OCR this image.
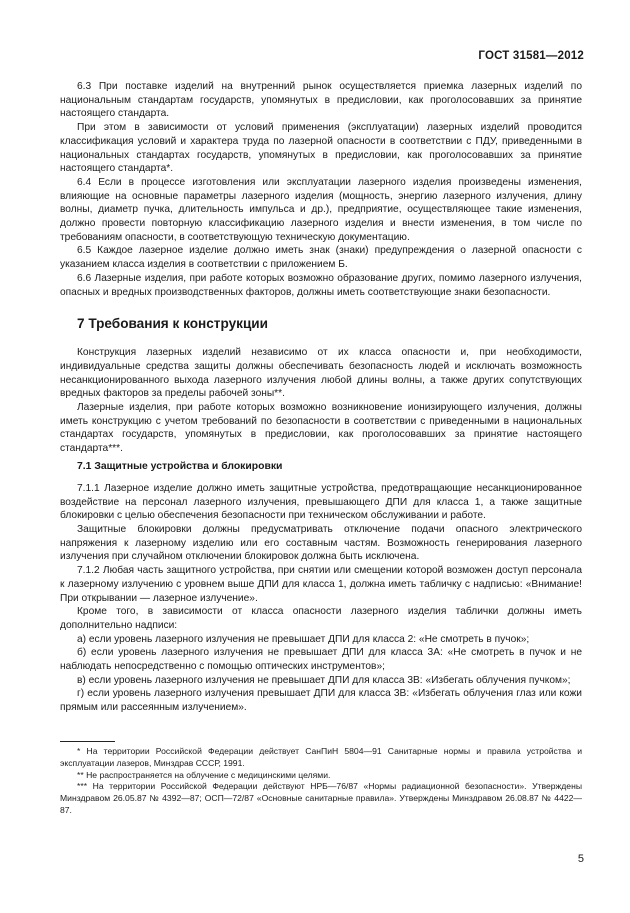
ГОСТ 31581—2012

6.3 При поставке изделий на внутренний рынок осуществляется приемка лазерных изделий по национальным стандартам государств, упомянутых в предисловии, как проголосовавших за принятие настоящего стандарта.

При этом в зависимости от условий применения (эксплуатации) лазерных изделий проводится классификация условий и характера труда по лазерной опасности в соответствии с ПДУ, приведенными в национальных стандартах государств, упомянутых в предисловии, как проголосовавших за принятие настоящего стандарта*.

6.4 Если в процессе изготовления или эксплуатации лазерного изделия произведены изменения, влияющие на основные параметры лазерного изделия (мощность, энергию лазерного излучения, длину волны, диаметр пучка, длительность импульса и др.), предприятие, осуществляющее такие изменения, должно провести повторную классификацию лазерного изделия и внести изменения, в том числе по требованиям опасности, в соответствующую техническую документацию.

6.5 Каждое лазерное изделие должно иметь знак (знаки) предупреждения о лазерной опасности с указанием класса изделия в соответствии с приложением Б.

6.6 Лазерные изделия, при работе которых возможно образование других, помимо лазерного излучения, опасных и вредных производственных факторов, должны иметь соответствующие знаки безопасности.

7 Требования к конструкции

Конструкция лазерных изделий независимо от их класса опасности и, при необходимости, индивидуальные средства защиты должны обеспечивать безопасность людей и исключать возможность несанкционированного выхода лазерного излучения любой длины волны, а также других сопутствующих вредных факторов за пределы рабочей зоны**.

Лазерные изделия, при работе которых возможно возникновение ионизирующего излучения, должны иметь конструкцию с учетом требований по безопасности в соответствии с приведенными в национальных стандартах государств, упомянутых в предисловии, как проголосовавших за принятие настоящего стандарта***.

7.1 Защитные устройства и блокировки

7.1.1 Лазерное изделие должно иметь защитные устройства, предотвращающие несанкционированное воздействие на персонал лазерного излучения, превышающего ДПИ для класса 1, а также защитные блокировки с целью обеспечения безопасности при техническом обслуживании и работе.

Защитные блокировки должны предусматривать отключение подачи опасного электрического напряжения к лазерному изделию или его составным частям. Возможность генерирования лазерного излучения при случайном отключении блокировок должна быть исключена.

7.1.2 Любая часть защитного устройства, при снятии или смещении которой возможен доступ персонала к лазерному излучению с уровнем выше ДПИ для класса 1, должна иметь табличку с надписью: «Внимание! При открывании — лазерное излучение».

Кроме того, в зависимости от класса опасности лазерного изделия таблички должны иметь дополнительно надписи:

а) если уровень лазерного излучения не превышает ДПИ для класса 2: «Не смотреть в пучок»;

б) если уровень лазерного излучения не превышает ДПИ для класса 3А: «Не смотреть в пучок и не наблюдать непосредственно с помощью оптических инструментов»;

в) если уровень лазерного излучения не превышает ДПИ для класса 3В: «Избегать облучения пучком»;

г) если уровень лазерного излучения превышает ДПИ для класса 3В: «Избегать облучения глаз или кожи прямым или рассеянным излучением».

* На территории Российской Федерации действует СанПиН 5804—91 Санитарные нормы и правила устройства и эксплуатации лазеров, Минздрав СССР, 1991.

** Не распространяется на облучение с медицинскими целями.

*** На территории Российской Федерации действуют НРБ—76/87 «Нормы радиационной безопасности». Утверждены Минздравом 26.05.87 № 4392—87; ОСП—72/87 «Основные санитарные правила». Утверждены Минздравом 26.08.87 № 4422—87.

5
